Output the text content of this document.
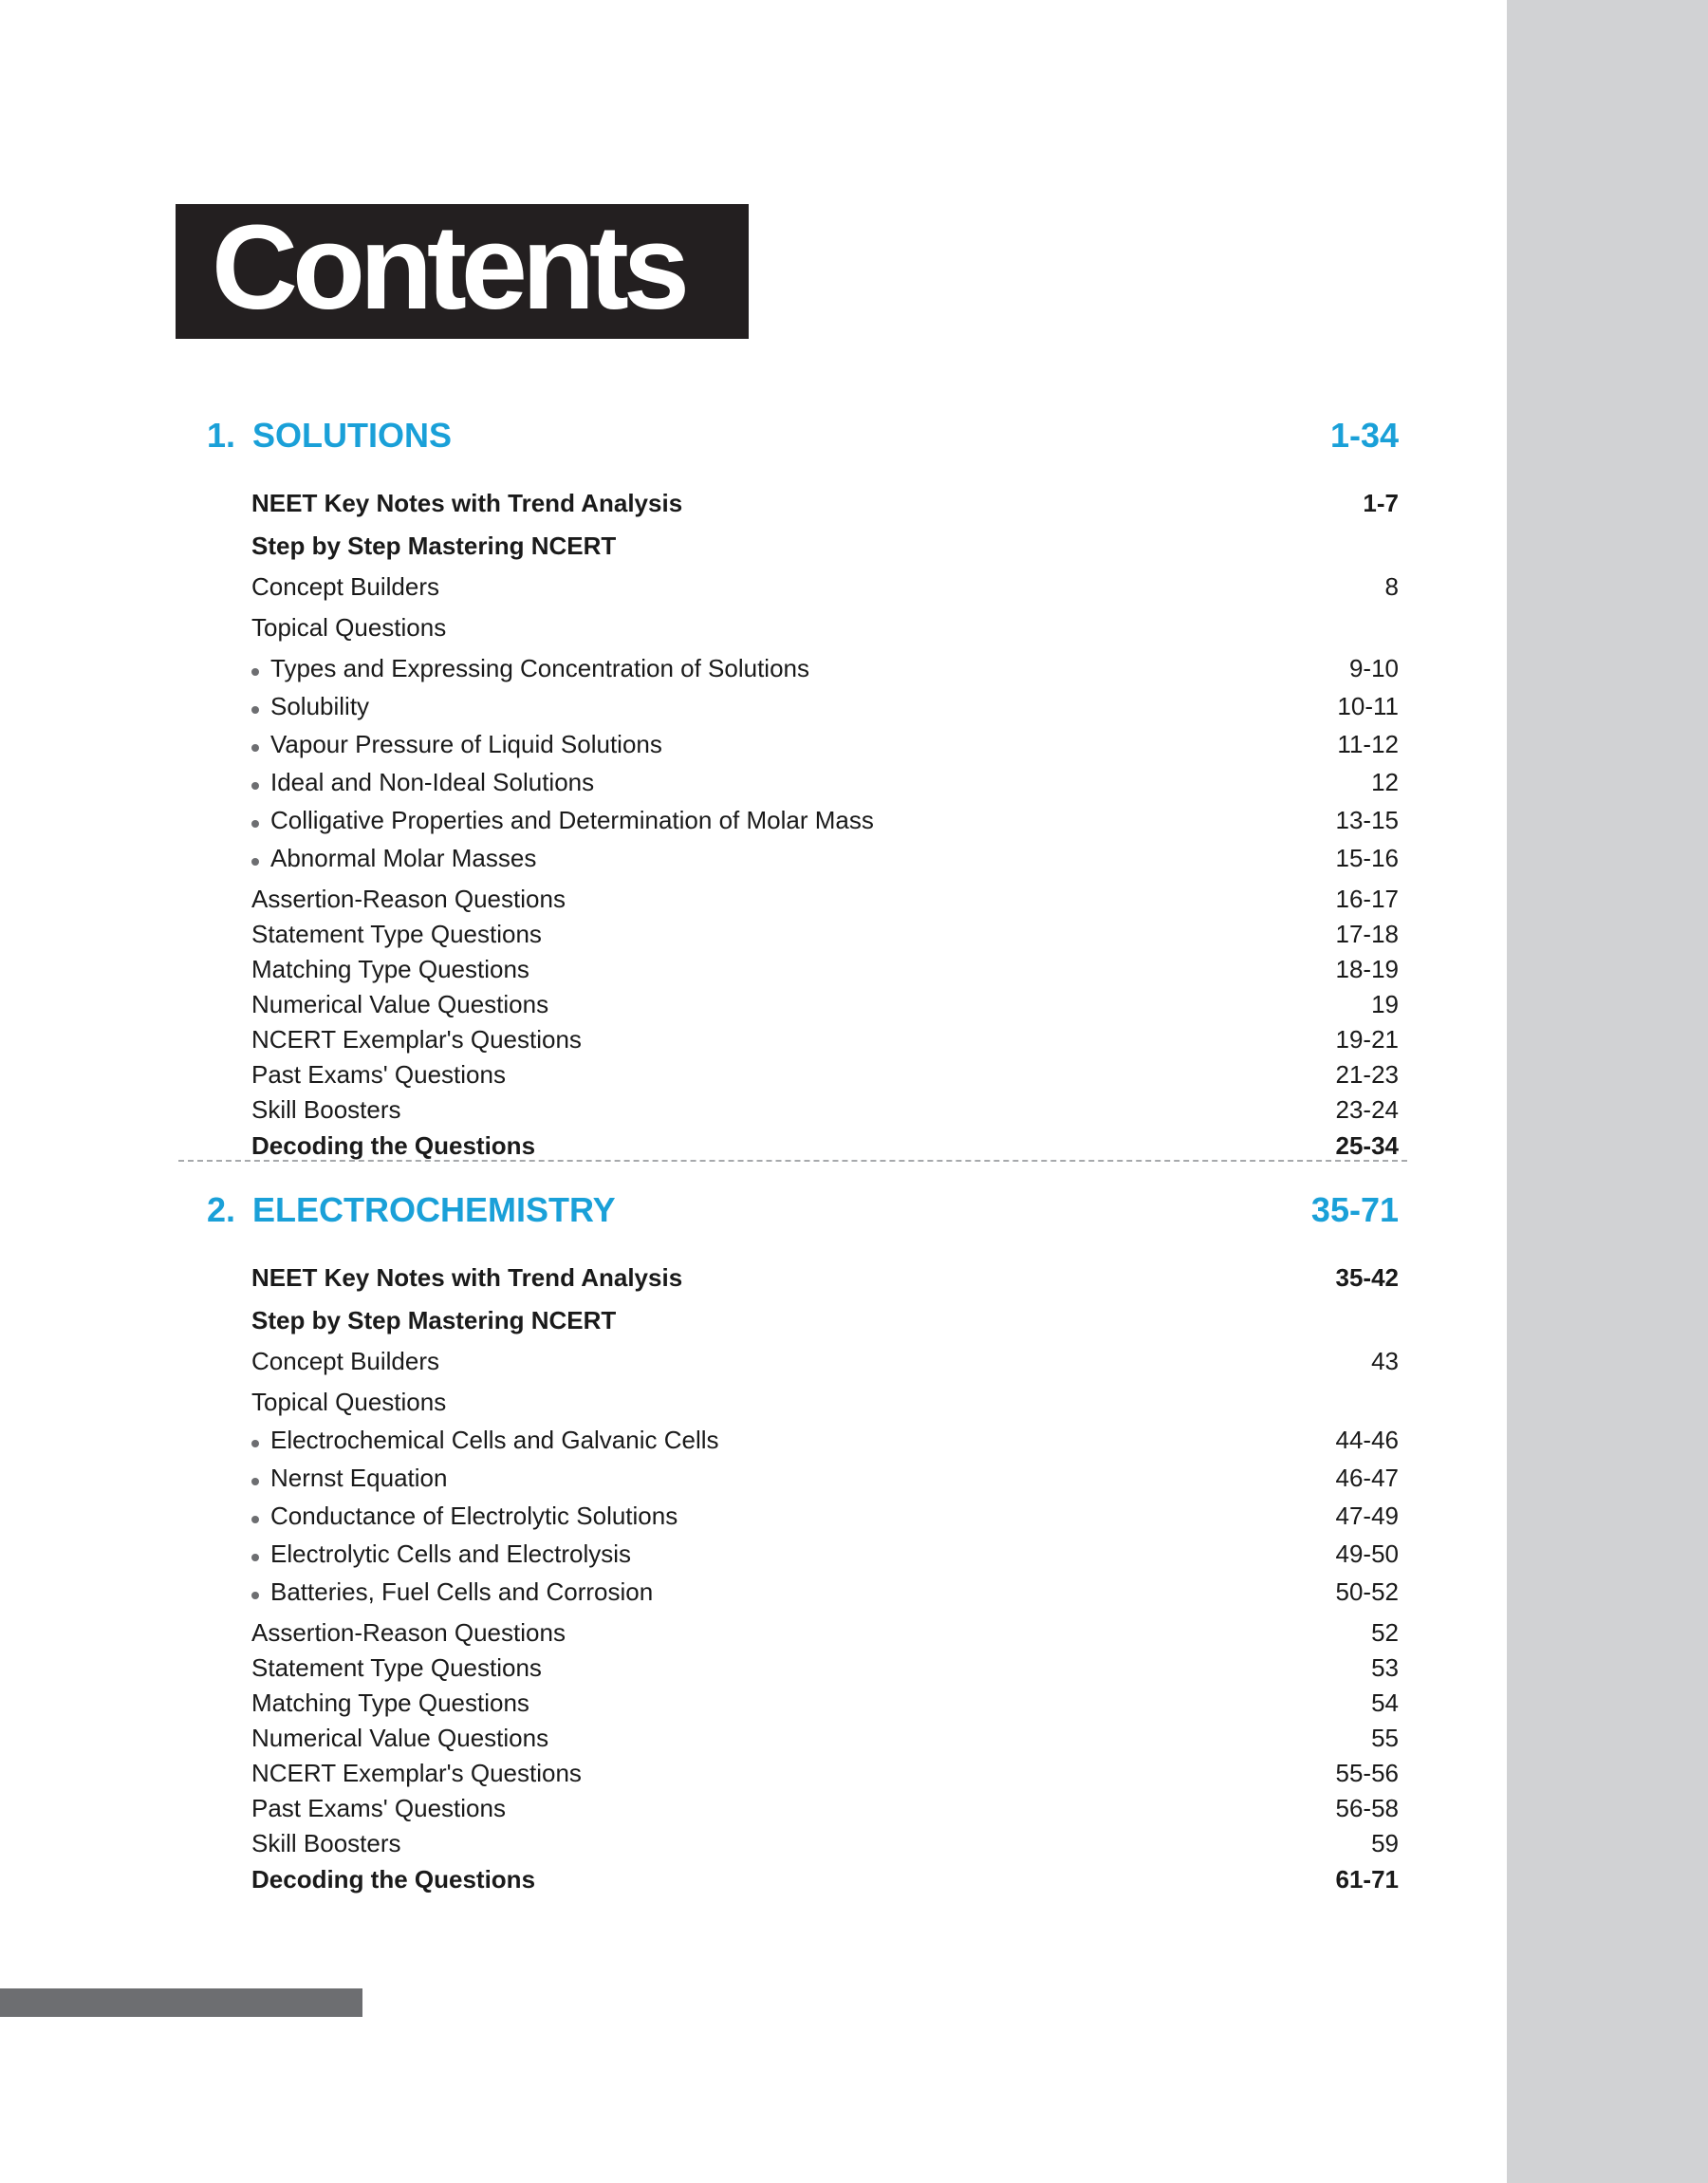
Contents
1. SOLUTIONS	1-34
NEET Key Notes with Trend Analysis	1-7
Step by Step Mastering NCERT
Concept Builders	8
Topical Questions
Types and Expressing Concentration of Solutions	9-10
Solubility	10-11
Vapour Pressure of Liquid Solutions	11-12
Ideal and Non-Ideal Solutions	12
Colligative Properties and Determination of Molar Mass	13-15
Abnormal Molar Masses	15-16
Assertion-Reason Questions	16-17
Statement Type Questions	17-18
Matching Type Questions	18-19
Numerical Value Questions	19
NCERT Exemplar's Questions	19-21
Past Exams' Questions	21-23
Skill Boosters	23-24
Decoding the Questions	25-34
2. ELECTROCHEMISTRY	35-71
NEET Key Notes with Trend Analysis	35-42
Step by Step Mastering NCERT
Concept Builders	43
Topical Questions
Electrochemical Cells and Galvanic Cells	44-46
Nernst Equation	46-47
Conductance of Electrolytic Solutions	47-49
Electrolytic Cells and Electrolysis	49-50
Batteries, Fuel Cells and Corrosion	50-52
Assertion-Reason Questions	52
Statement Type Questions	53
Matching Type Questions	54
Numerical Value Questions	55
NCERT Exemplar's Questions	55-56
Past Exams' Questions	56-58
Skill Boosters	59
Decoding the Questions	61-71
